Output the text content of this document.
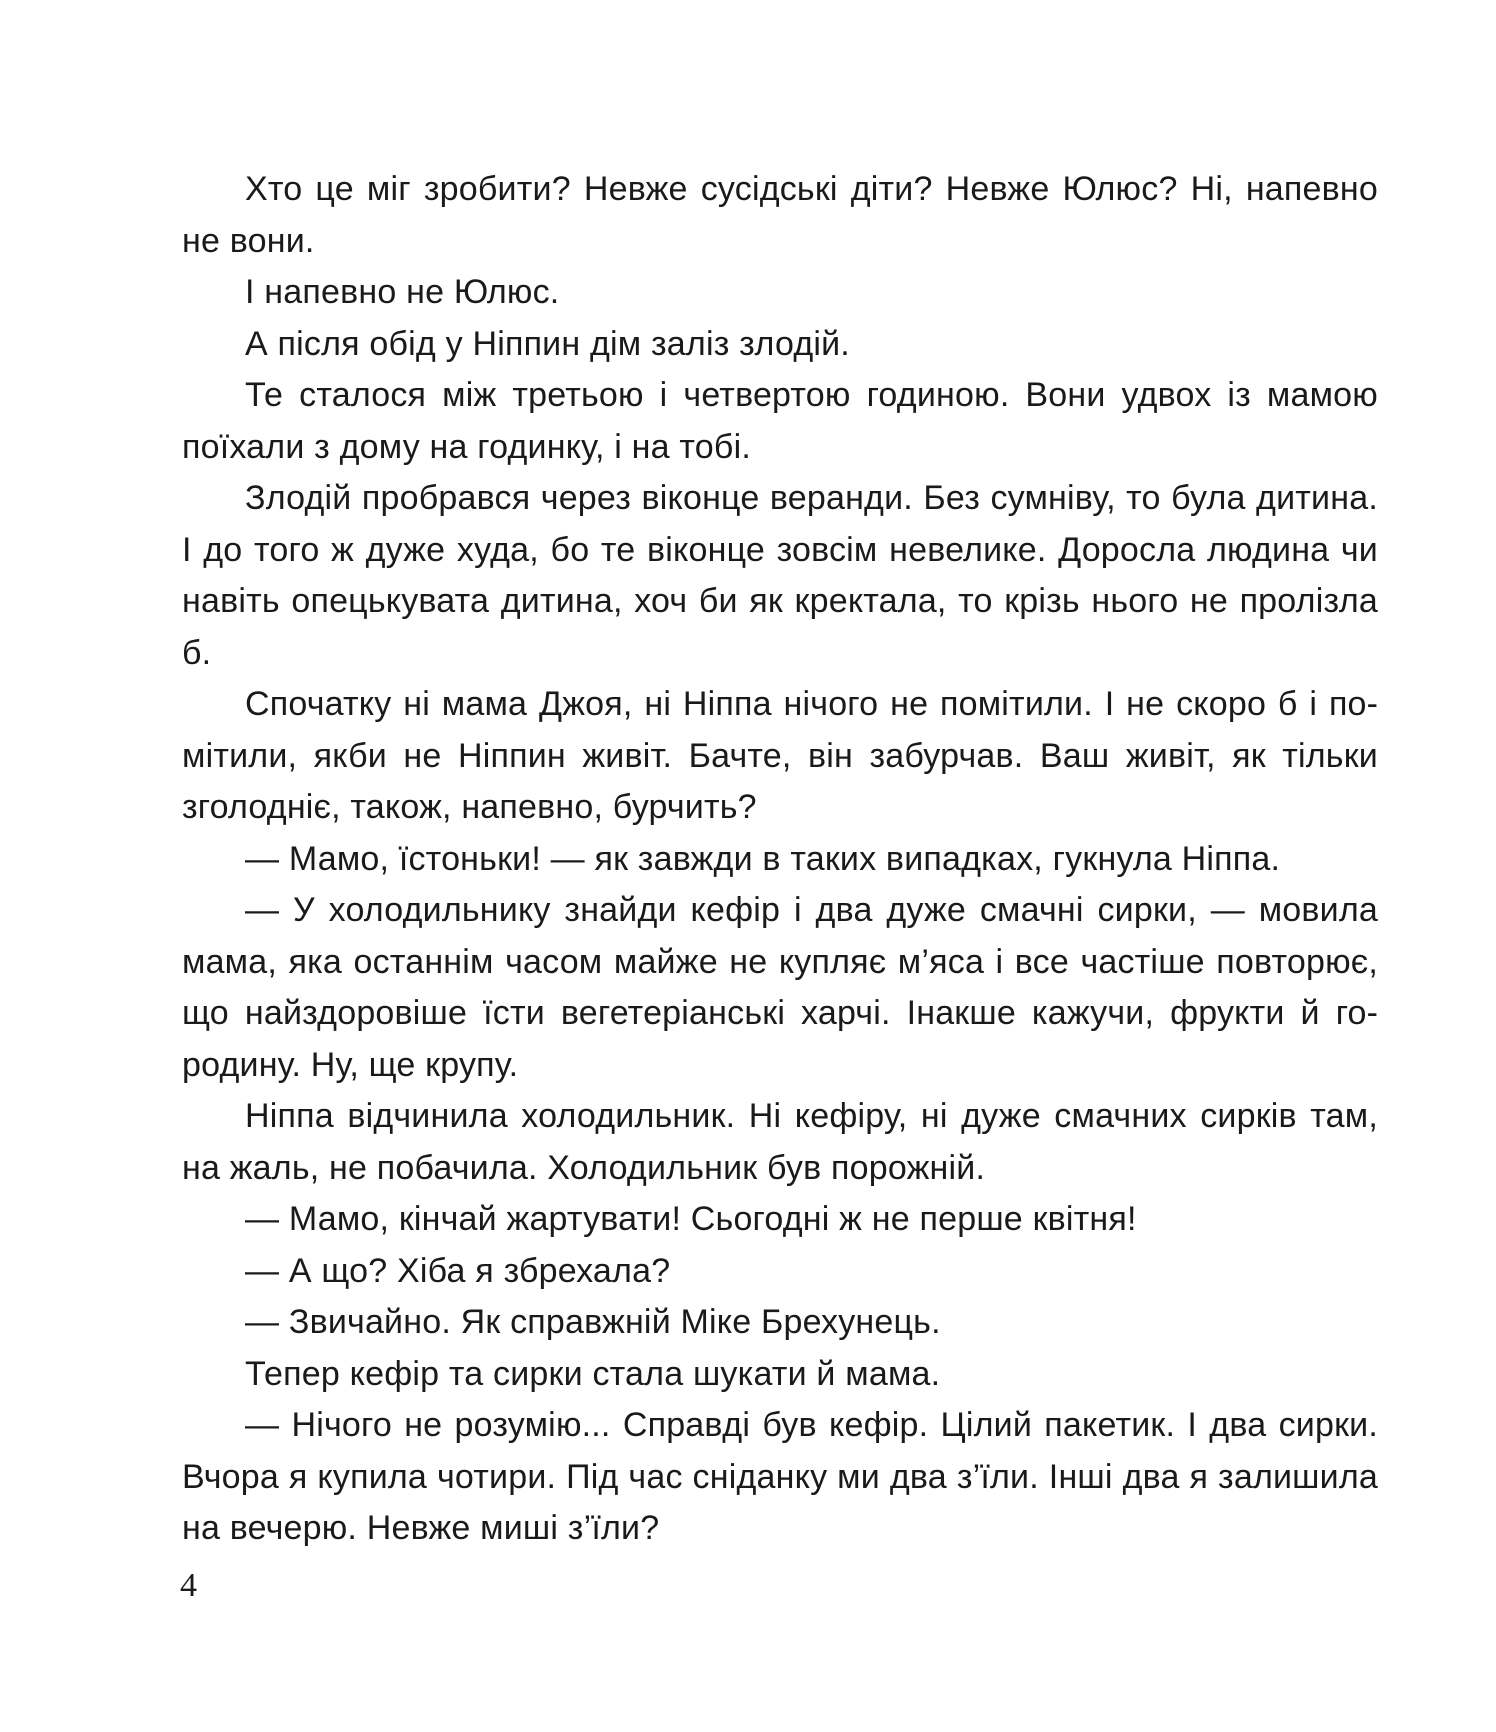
Хто це міг зробити? Невже сусідські діти? Невже Юлюс? Ні, напевно не вони.

І напевно не Юлюс.

А після обід у Ніппин дім заліз злодій.

Те сталося між третьою і четвертою годиною. Вони удвох із мамою поїхали з дому на годинку, і на тобі.

Злодій пробрався через віконце веранди. Без сумніву, то була дитина. І до того ж дуже худа, бо те віконце зовсім невелике. Доросла людина чи навіть опецькувата дитина, хоч би як кректала, то крізь нього не пролізла б.

Спочатку ні мама Джоя, ні Ніппа нічого не помітили. І не скоро б і помітили, якби не Ніппин живіт. Бачте, він забурчав. Ваш живіт, як тільки зголодніє, також, напевно, бурчить?

— Мамо, їстоньки! — як завжди в таких випадках, гукнула Ніппа.

— У холодильнику знайди кефір і два дуже смачні сирки, — мовила мама, яка останнім часом майже не купляє м’яса і все частіше повторює, що найздоровіше їсти вегетеріанські харчі. Інакше кажучи, фрукти й городину. Ну, ще крупу.

Ніппа відчинила холодильник. Ні кефіру, ні дуже смачних сирків там, на жаль, не побачила. Холодильник був порожній.

— Мамо, кінчай жартувати! Сьогодні ж не перше квітня!

— А що? Хіба я збрехала?

— Звичайно. Як справжній Міке Брехунець.

Тепер кефір та сирки стала шукати й мама.

— Нічого не розумію... Справді був кефір. Цілий пакетик. І два сирки. Вчора я купила чотири. Під час сніданку ми два з’їли. Інші два я залишила на вечерю. Невже миші з’їли?

4
